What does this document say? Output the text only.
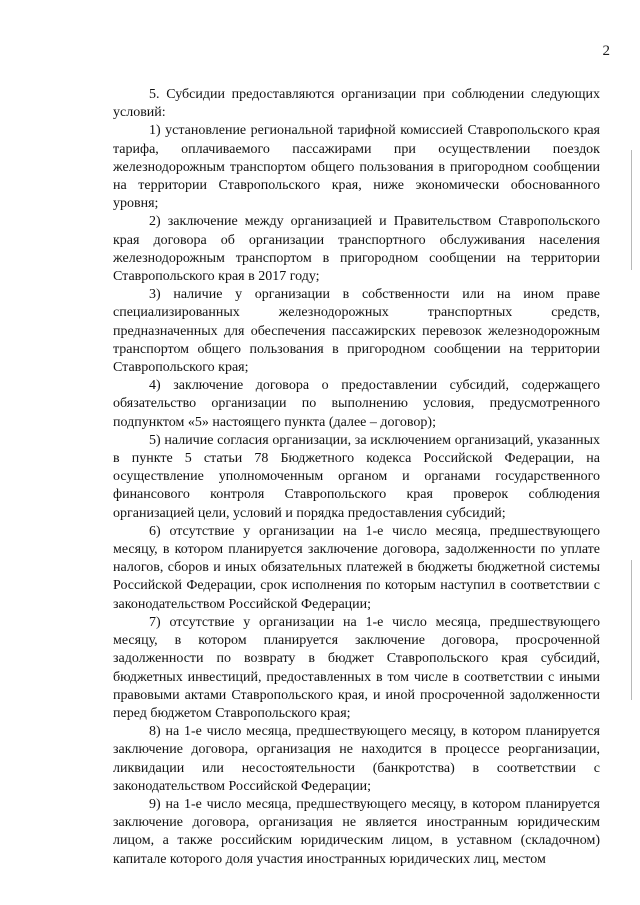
2

5. Субсидии предоставляются организации при соблюдении следующих условий:

1) установление региональной тарифной комиссией Ставропольского края тарифа, оплачиваемого пассажирами при осуществлении поездок железнодорожным транспортом общего пользования в пригородном сообщении на территории Ставропольского края, ниже экономически обоснованного уровня;

2) заключение между организацией и Правительством Ставропольского края договора об организации транспортного обслуживания населения железнодорожным транспортом в пригородном сообщении на территории Ставропольского края в 2017 году;

3) наличие у организации в собственности или на ином праве специализированных железнодорожных транспортных средств, предназначенных для обеспечения пассажирских перевозок железнодорожным транспортом общего пользования в пригородном сообщении на территории Ставропольского края;

4) заключение договора о предоставлении субсидий, содержащего обязательство организации по выполнению условия, предусмотренного подпунктом «5» настоящего пункта (далее – договор);

5) наличие согласия организации, за исключением организаций, указанных в пункте 5 статьи 78 Бюджетного кодекса Российской Федерации, на осуществление уполномоченным органом и органами государственного финансового контроля Ставропольского края проверок соблюдения организацией цели, условий и порядка предоставления субсидий;

6) отсутствие у организации на 1-е число месяца, предшествующего месяцу, в котором планируется заключение договора, задолженности по уплате налогов, сборов и иных обязательных платежей в бюджеты бюджетной системы Российской Федерации, срок исполнения по которым наступил в соответствии с законодательством Российской Федерации;

7) отсутствие у организации на 1-е число месяца, предшествующего месяцу, в котором планируется заключение договора, просроченной задолженности по возврату в бюджет Ставропольского края субсидий, бюджетных инвестиций, предоставленных в том числе в соответствии с иными правовыми актами Ставропольского края, и иной просроченной задолженности перед бюджетом Ставропольского края;

8) на 1-е число месяца, предшествующего месяцу, в котором планируется заключение договора, организация не находится в процессе реорганизации, ликвидации или несостоятельности (банкротства) в соответствии с законодательством Российской Федерации;

9) на 1-е число месяца, предшествующего месяцу, в котором планируется заключение договора, организация не является иностранным юридическим лицом, а также российским юридическим лицом, в уставном (складочном) капитале которого доля участия иностранных юридических лиц, местом
